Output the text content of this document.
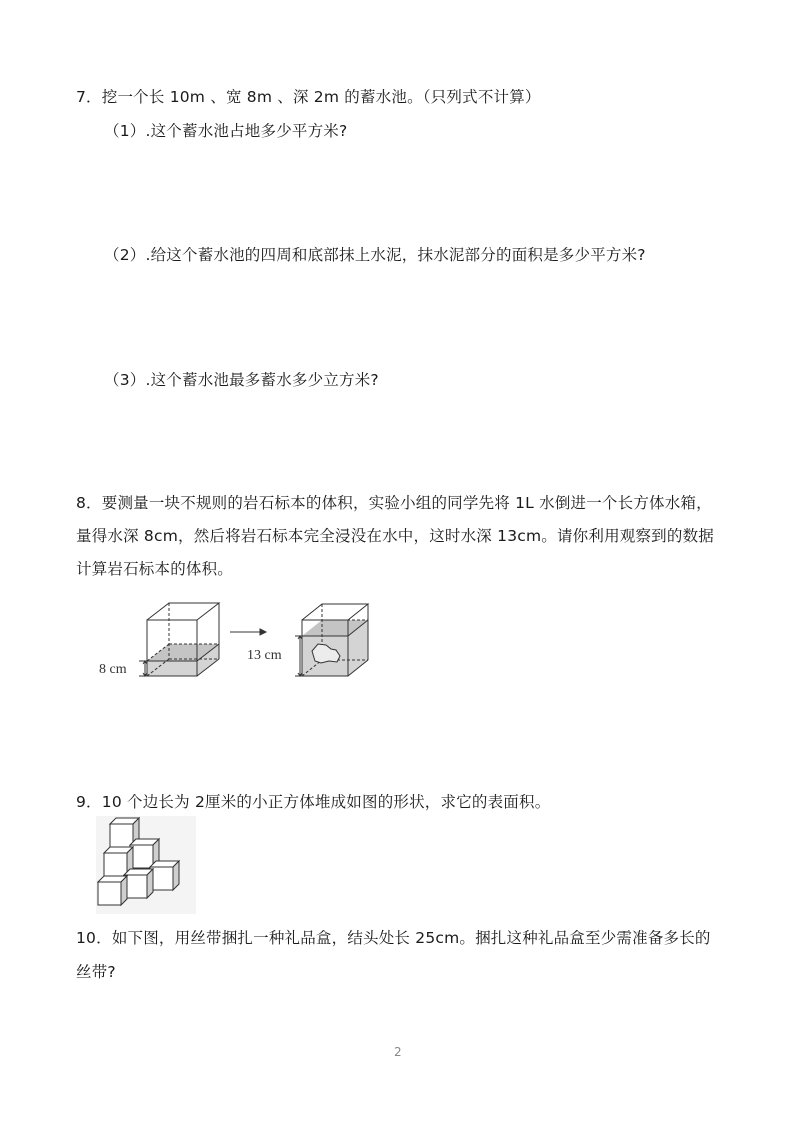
7．挖一个长 10m 、宽 8m 、深 2m 的蓄水池。（只列式不计算）
（1）.这个蓄水池占地多少平方米?
（2）.给这个蓄水池的四周和底部抹上水泥，抹水泥部分的面积是多少平方米?
（3）.这个蓄水池最多蓄水多少立方米?
8．要测量一块不规则的岩石标本的体积，实验小组的同学先将 1L 水倒进一个长方体水箱，
量得水深 8cm，然后将岩石标本完全浸没在水中，这时水深 13cm。请你利用观察到的数据
计算岩石标本的体积。
8 cm
13 cm
9．10 个边长为 2厘米的小正方体堆成如图的形状，求它的表面积。
10．如下图，用丝带捆扎一种礼品盒，结头处长 25cm。捆扎这种礼品盒至少需准备多长的
丝带?
2
